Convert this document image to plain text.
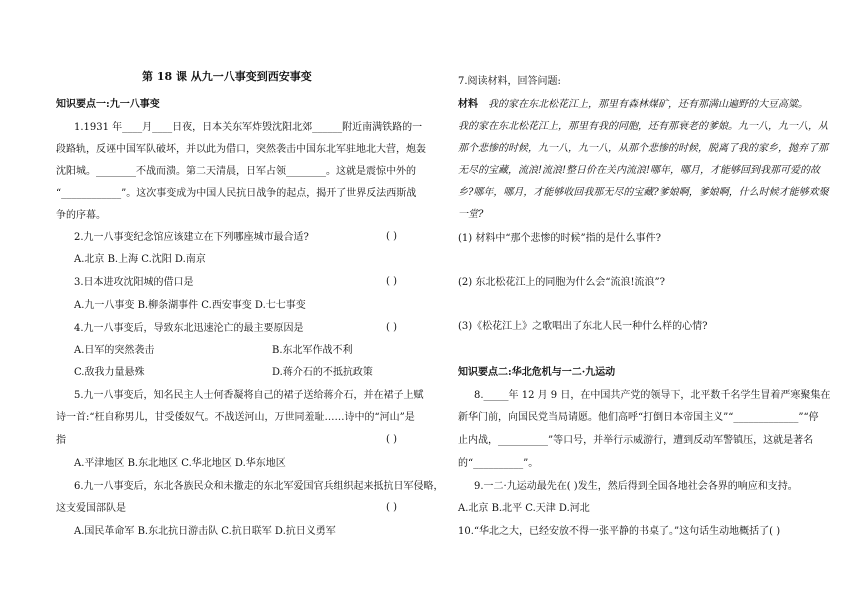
第 18 课 从九一八事变到西安事变
知识要点一:九一八事变
1.1931 年____月____日夜，日本关东军炸毁沈阳北郊______附近南满铁路的一
段路轨，反诬中国军队破坏，并以此为借口，突然袭击中国东北军驻地北大营，炮轰
沈阳城。________不战而溃。第二天清晨，日军占领________。这就是震惊中外的
“____________”。这次事变成为中国人民抗日战争的起点，揭开了世界反法西斯战
争的序幕。
2.九一八事变纪念馆应该建立在下列哪座城市最合适?	( )
A.北京 B.上海 C.沈阳 D.南京
3.日本进攻沈阳城的借口是	( )
A.九一八事变 B.柳条湖事件 C.西安事变 D.七七事变
4.九一八事变后，导致东北迅速沦亡的最主要原因是	( )
A.日军的突然袭击	B.东北军作战不利
C.敌我力量悬殊	D.蒋介石的不抵抗政策
5.九一八事变后，知名民主人士何香凝将自己的裙子送给蒋介石，并在裙子上赋
诗一首:“枉自称男儿，甘受倭奴气。不战送河山，万世同羞耻……诗中的“河山”是
指	( )
A.平津地区 B.东北地区 C.华北地区 D.华东地区
6.九一八事变后，东北各族民众和未撤走的东北军爱国官兵组织起来抵抗日军侵略，
这支爱国部队是	( )
A.国民革命军 B.东北抗日游击队 C.抗日联军 D.抗日义勇军
7.阅读材料，回答问题:
材料 我的家在东北松花江上，那里有森林煤矿，还有那满山遍野的大豆高粱。
我的家在东北松花江上，那里有我的同胞，还有那衰老的爹娘。九一八，九一八，从
那个悲惨的时候，九一八，九一八，从那个悲惨的时候，脱离了我的家乡，抛弃了那
无尽的宝藏，流浪!流浪!整日价在关内流浪!哪年，哪月，才能够回到我那可爱的故
乡?哪年，哪月，才能够收回我那无尽的宝藏?爹娘啊，爹娘啊，什么时候才能够欢聚
一堂?
(1) 材料中“那个悲惨的时候”指的是什么事件?
(2) 东北松花江上的同胞为什么会“流浪!流浪”?
(3)《松花江上》之歌唱出了东北人民一种什么样的心情?
知识要点二:华北危机与一二·九运动
8._____年 12 月 9 日，在中国共产党的领导下，北平数千名学生冒着严寒聚集在
新华门前，向国民党当局请愿。他们高呼“打倒日本帝国主义”“_____________”“停
止内战，__________”等口号，并举行示威游行，遭到反动军警镇压，这就是著名
的“__________”。
9.一二·九运动最先在( )发生，然后得到全国各地社会各界的响应和支持。
A.北京 B.北平 C.天津 D.河北
10.“华北之大，已经安放不得一张平静的书桌了。”这句话生动地概括了( )
